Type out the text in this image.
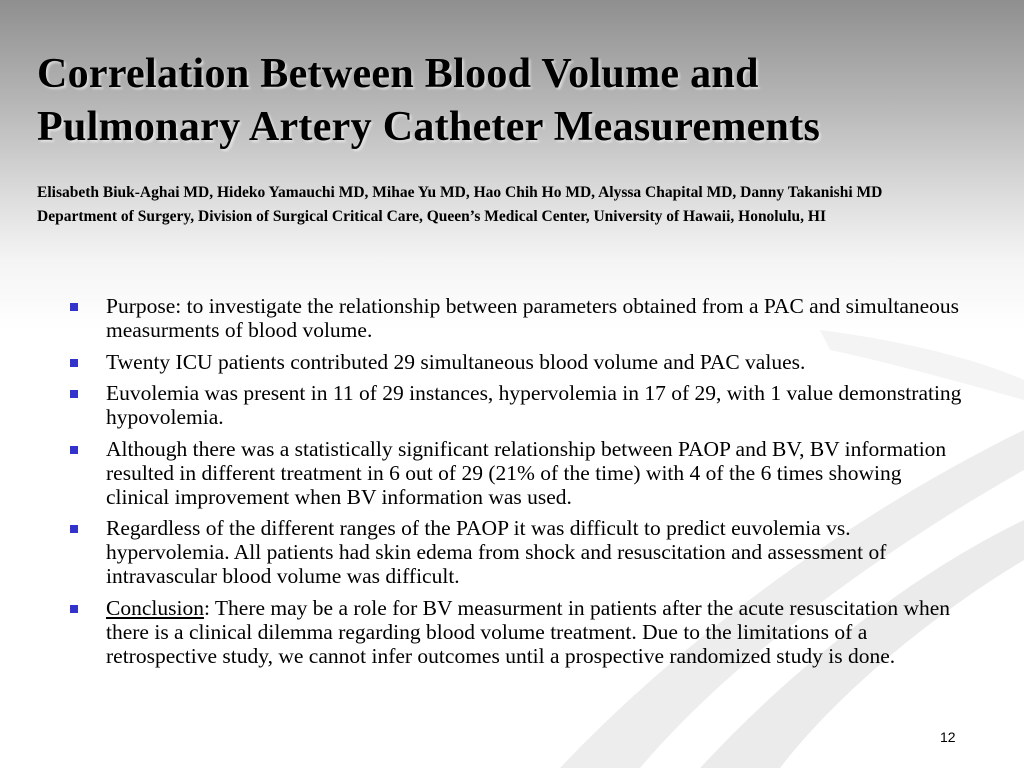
Correlation Between Blood Volume and
Pulmonary Artery Catheter Measurements
Elisabeth Biuk-Aghai MD, Hideko Yamauchi MD, Mihae Yu MD, Hao Chih Ho MD, Alyssa Chapital MD, Danny Takanishi MD
Department of Surgery, Division of Surgical Critical Care, Queen’s Medical Center, University of Hawaii, Honolulu, HI
Purpose: to investigate the relationship between parameters obtained from a PAC and simultaneous measurments of blood volume.
Twenty ICU patients contributed 29 simultaneous blood volume and PAC values.
Euvolemia was present in 11 of 29 instances, hypervolemia in 17 of 29, with 1 value demonstrating hypovolemia.
Although there was a statistically significant relationship between PAOP and BV, BV information resulted in different treatment in 6 out of 29 (21% of the time) with 4 of the 6 times showing clinical improvement when BV information was used.
Regardless of the different ranges of the PAOP it was difficult to predict euvolemia vs. hypervolemia. All patients had skin edema from shock and resuscitation and assessment of intravascular blood volume was difficult.
Conclusion: There may be a role for BV measurment in patients after the acute resuscitation when there is a clinical dilemma regarding blood volume treatment. Due to the limitations of a retrospective study, we cannot infer outcomes until a prospective randomized study is done.
12
